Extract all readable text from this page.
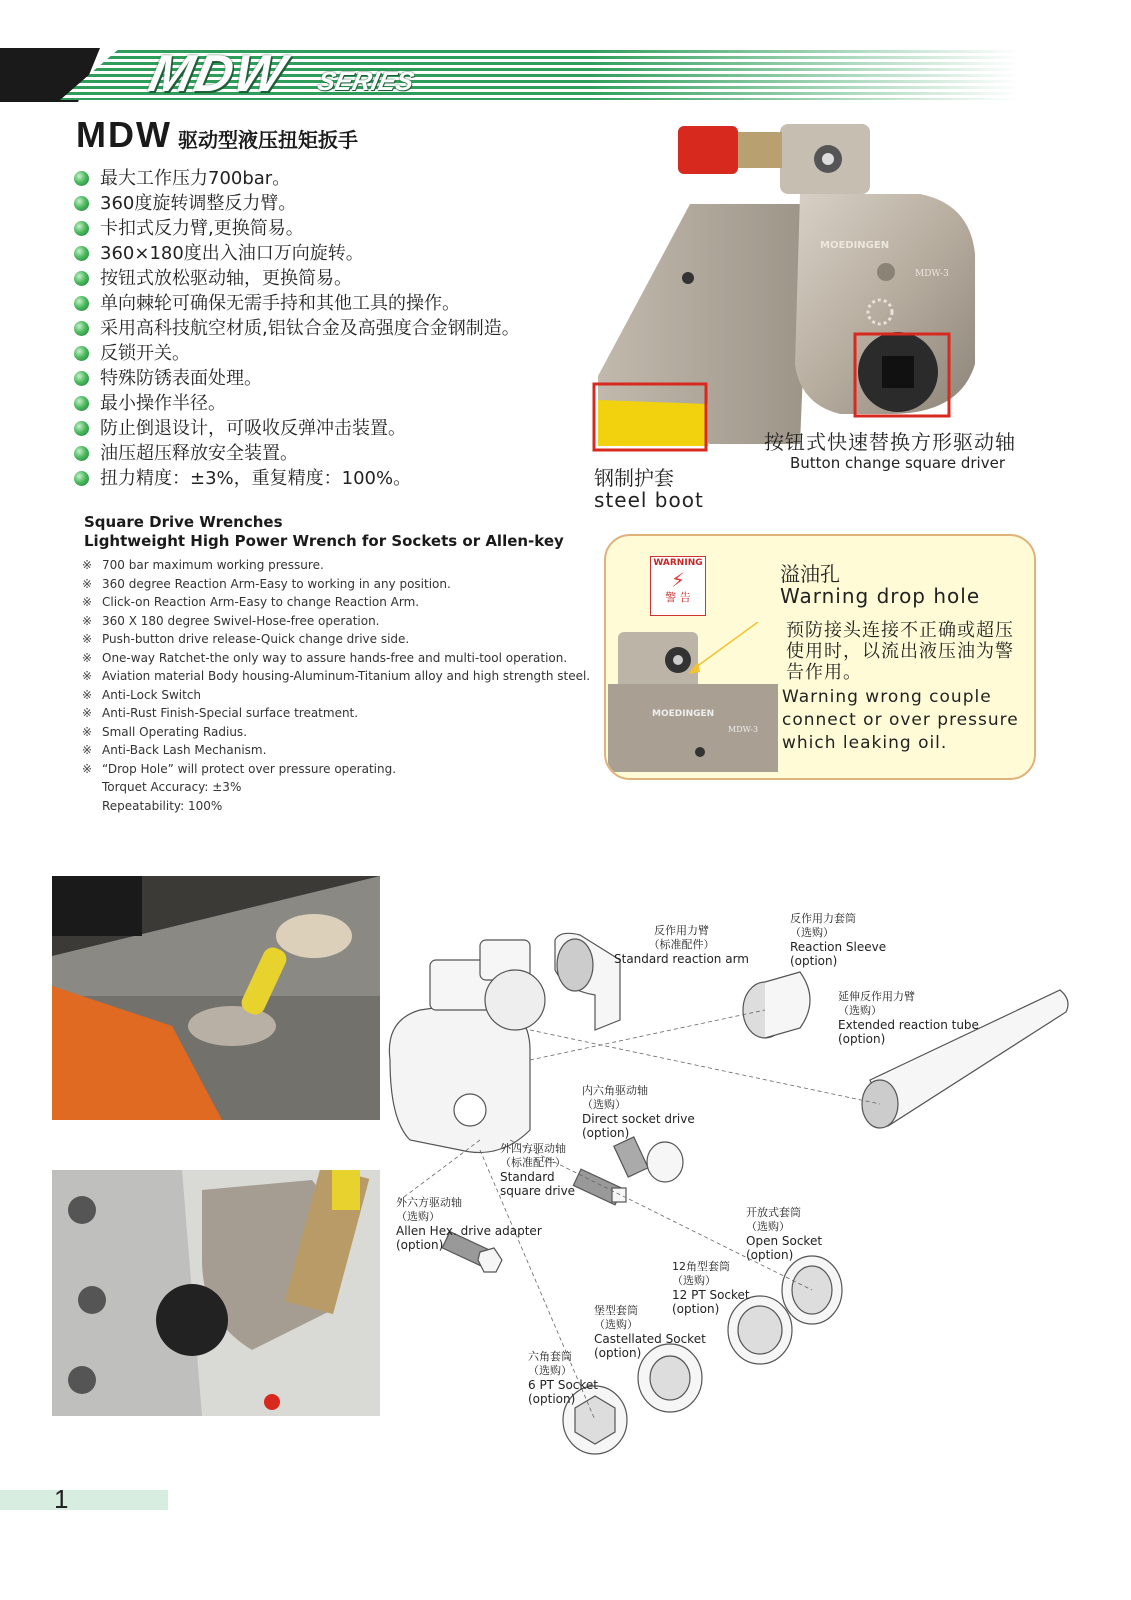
MDW SERIES
MDW 驱动型液压扭矩扳手
最大工作压力700bar。
360度旋转调整反力臂。
卡扣式反力臂,更换简易。
360×180度出入油口万向旋转。
按钮式放松驱动轴，更换简易。
单向棘轮可确保无需手持和其他工具的操作。
采用高科技航空材质,铝钛合金及高强度合金钢制造。
反锁开关。
特殊防锈表面处理。
最小操作半径。
防止倒退设计，可吸收反弹冲击装置。
油压超压释放安全装置。
扭力精度：±3%，重复精度：100%。
Square Drive Wrenches
Lightweight High Power Wrench for Sockets or Allen-key
※ 700 bar maximum working pressure.
※ 360 degree Reaction Arm-Easy to working in any position.
※ Click-on Reaction Arm-Easy to change Reaction Arm.
※ 360 X 180 degree Swivel-Hose-free operation.
※ Push-button drive release-Quick change drive side.
※ One-way Ratchet-the only way to assure hands-free and multi-tool operation.
※ Aviation material Body housing-Aluminum-Titanium alloy and high strength steel.
※ Anti-Lock Switch
※ Anti-Rust Finish-Special surface treatment.
※ Small Operating Radius.
※ Anti-Back Lash Mechanism.
※ “Drop Hole” will protect over pressure operating.
Torquet Accuracy: ±3%
Repeatability: 100%
MOEDINGEN
MDW-3
钢制护套
steel boot
按钮式快速替换方形驱动轴
Button change square driver
MOEDINGEN
MDW-3
WARNING
⚡
警 告
溢油孔
Warning drop hole
预防接头连接不正确或超压使用时，以流出液压油为警告作用。
Warning wrong couple connect or over pressure which leaking oil.
反作用力臂
（标准配件）
Standard reaction arm
反作用力套筒
（选购）
Reaction Sleeve
(option)
延伸反作用力臂
（选购）
Extended reaction tube
(option)
内六角驱动轴
（选购）
Direct socket drive
(option)
外四方驱动轴
（标准配件）
Standard
square drive
外六方驱动轴
（选购）
Allen Hex. drive adapter
(option)
开放式套筒
（选购）
Open Socket
(option)
12角型套筒
（选购）
12 PT Socket
(option)
堡型套筒
（选购）
Castellated Socket
(option)
六角套筒
（选购）
6 PT Socket
(option)
1
